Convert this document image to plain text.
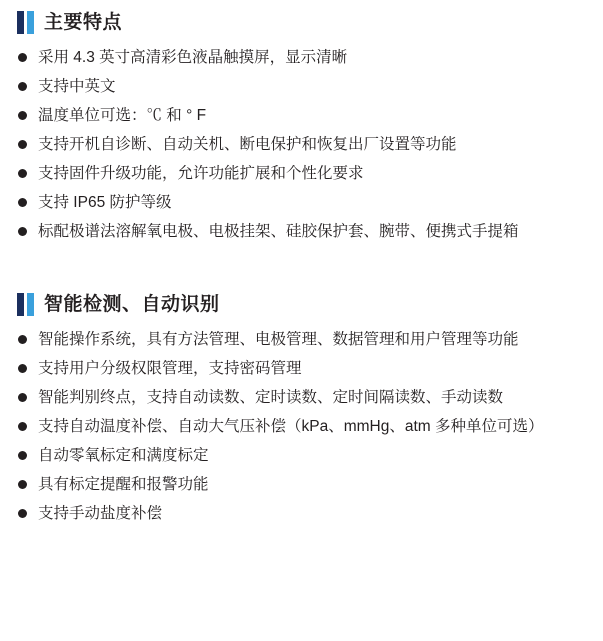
主要特点
采用 4.3 英寸高清彩色液晶触摸屏，显示清晰
支持中英文
温度单位可选：℃ 和 ° F
支持开机自诊断、自动关机、断电保护和恢复出厂设置等功能
支持固件升级功能，允许功能扩展和个性化要求
支持 IP65 防护等级
标配极谱法溶解氧电极、电极挂架、硅胶保护套、腕带、便携式手提箱
智能检测、自动识别
智能操作系统，具有方法管理、电极管理、数据管理和用户管理等功能
支持用户分级权限管理，支持密码管理
智能判别终点，支持自动读数、定时读数、定时间隔读数、手动读数
支持自动温度补偿、自动大气压补偿（kPa、mmHg、atm 多种单位可选）
自动零氧标定和满度标定
具有标定提醒和报警功能
支持手动盐度补偿
